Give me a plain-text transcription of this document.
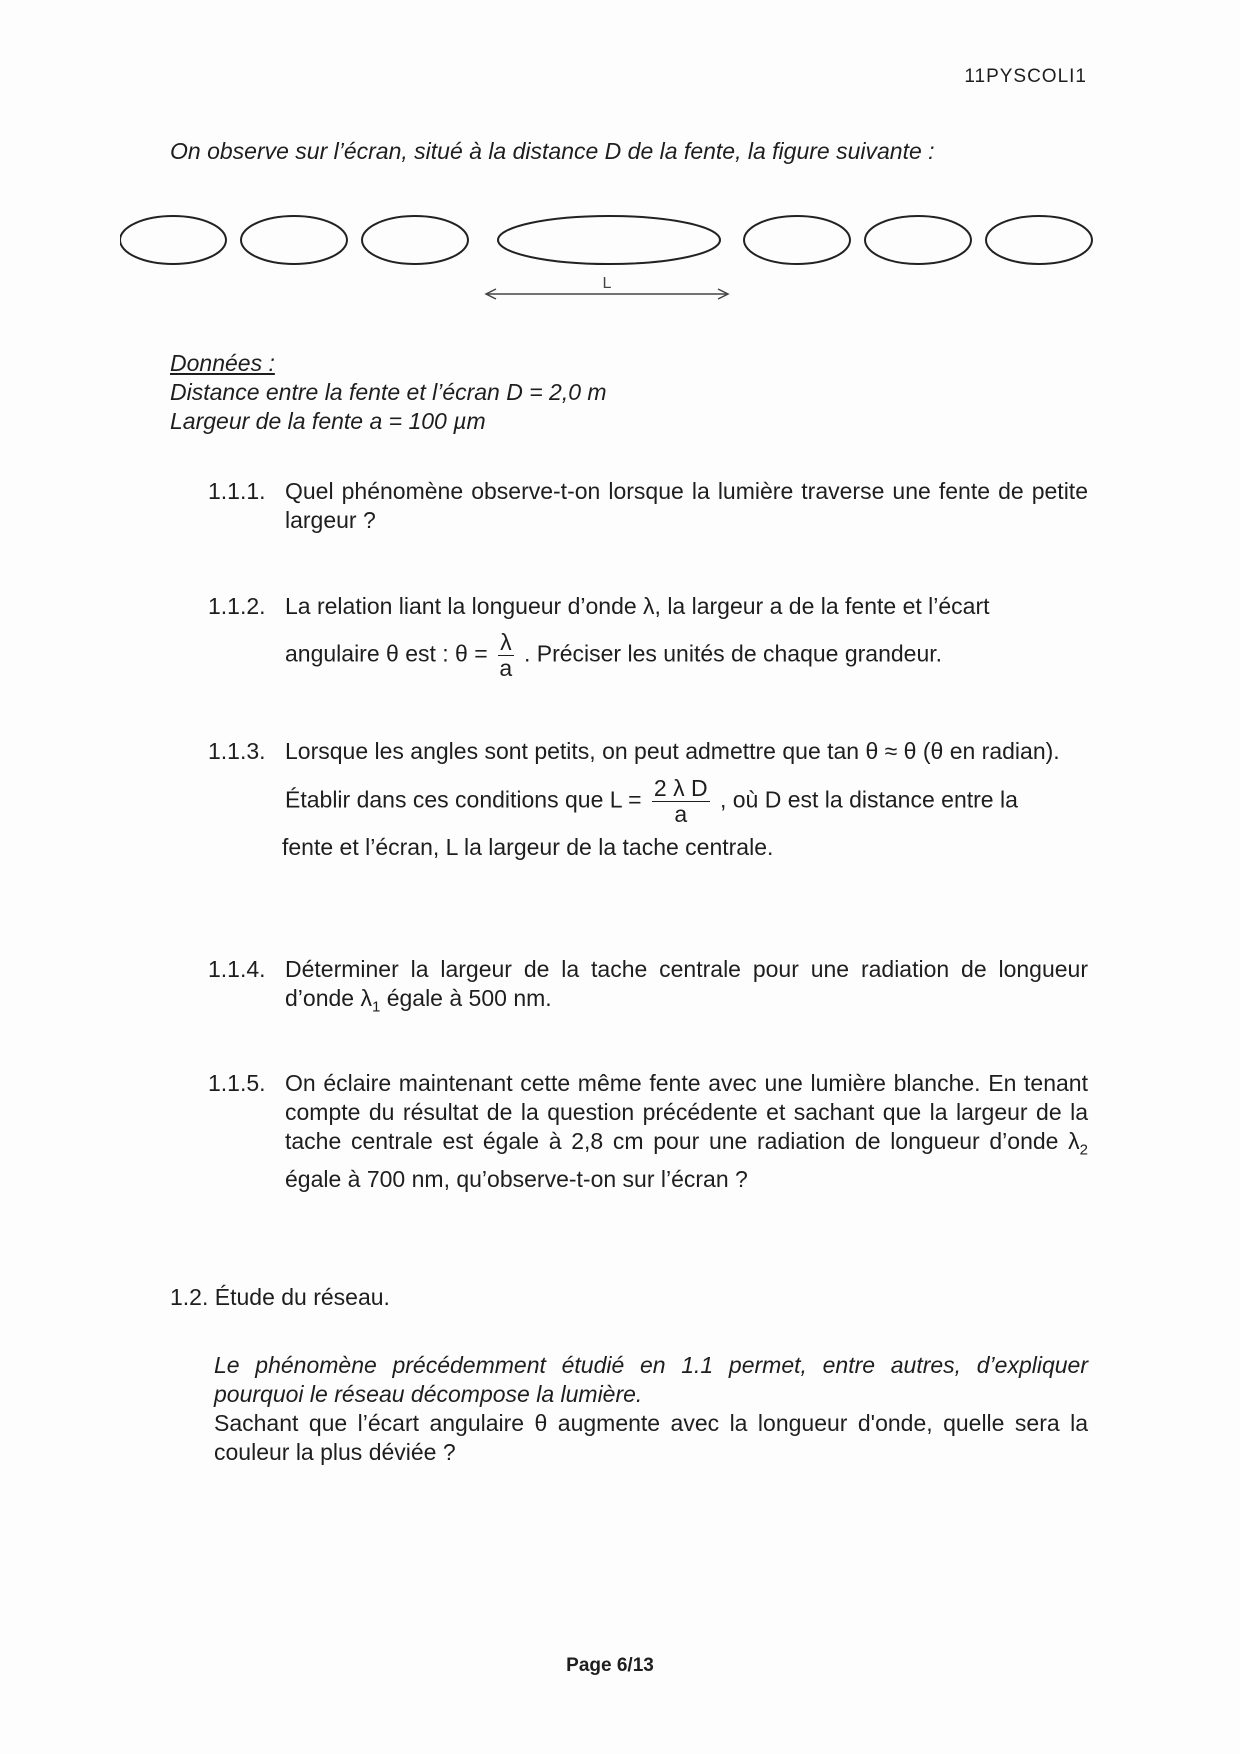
11PYSCOLI1
On observe sur l’écran, situé à la distance D de la fente, la figure suivante :
L
Données :
Distance entre la fente et l’écran D = 2,0 m
Largeur de la fente a = 100 µm
1.1.1. Quel phénomène observe-t-on lorsque la lumière traverse une fente de petite largeur ?
1.1.2. La relation liant la longueur d’onde λ, la largeur a de la fente et l’écart
angulaire θ est : $\theta = \frac{\lambda}{a}$ . Préciser les unités de chaque grandeur.
1.1.3. Lorsque les angles sont petits, on peut admettre que tan θ ≈ θ (θ en radian).
Établir dans ces conditions que $L = \frac{\text{2 λ D}}{a}$ , où D est la distance entre la
fente et l’écran, L la largeur de la tache centrale.
1.1.4. Déterminer la largeur de la tache centrale pour une radiation de longueur d’onde $\lambda_1$ égale à 500 nm.
1.1.5. On éclaire maintenant cette même fente avec une lumière blanche. En tenant compte du résultat de la question précédente et sachant que la largeur de la tache centrale est égale à 2,8 cm pour une radiation de longueur d’onde $\lambda_2$ égale à 700 nm, qu’observe-t-on sur l’écran ?
1.2. Étude du réseau.
Le phénomène précédemment étudié en 1.1 permet, entre autres, d’expliquer pourquoi le réseau décompose la lumière.
Sachant que l’écart angulaire θ augmente avec la longueur d'onde, quelle sera la couleur la plus déviée ?
Page 6/13
